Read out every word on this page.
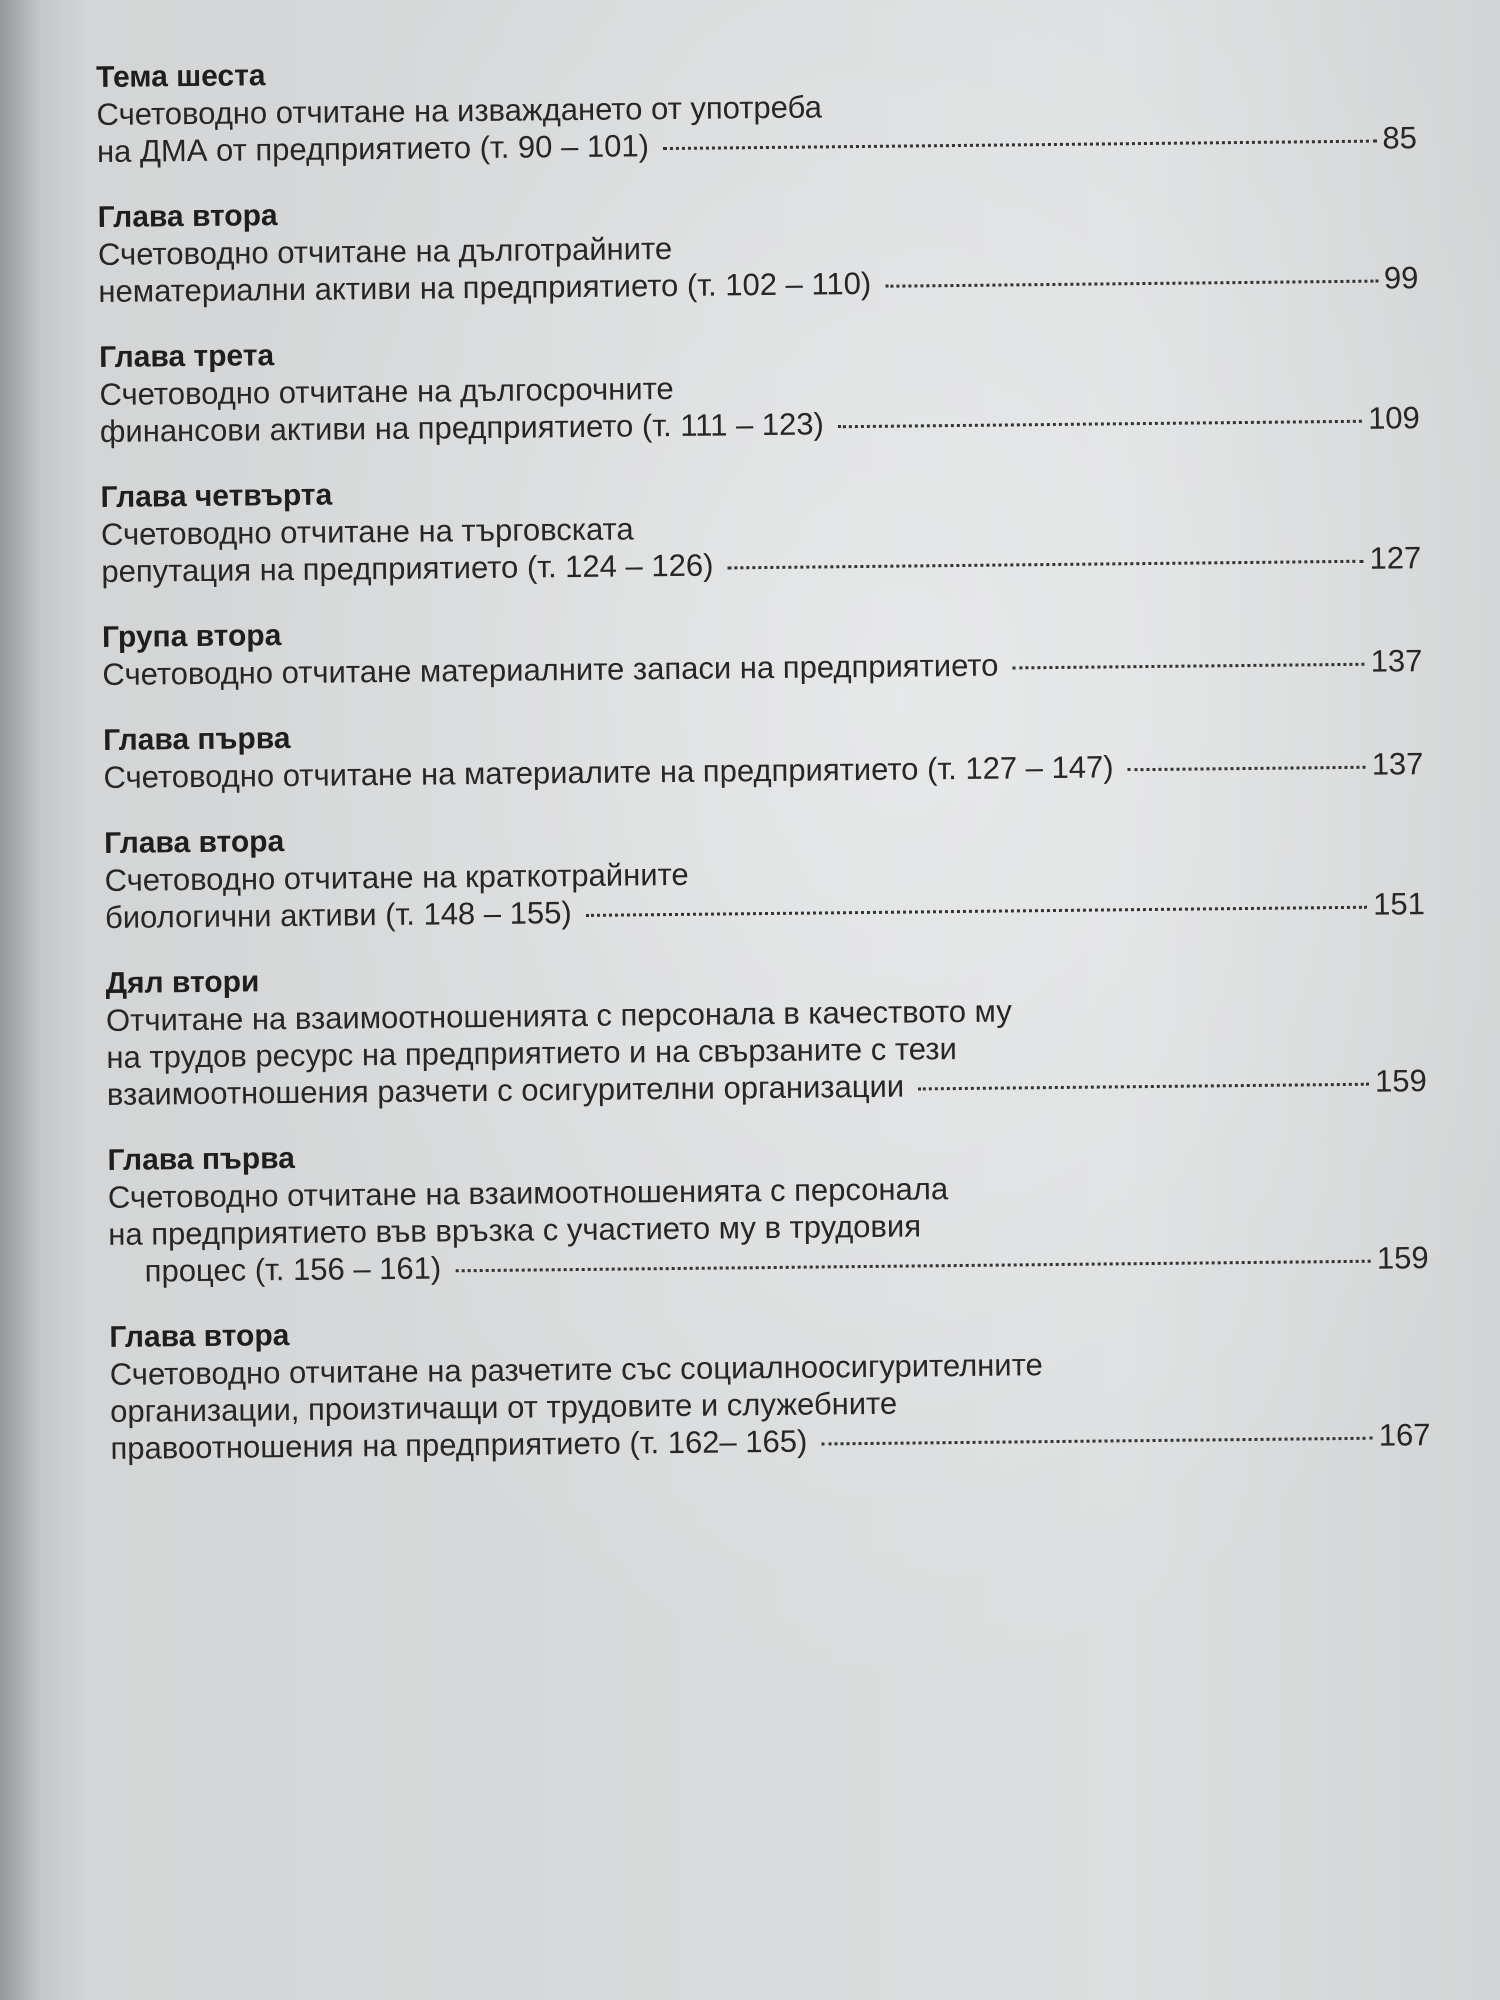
Тема шеста
Счетоводно отчитане на изваждането от употреба
на ДМА от предприятието (т. 90 – 101)	85
Глава втора
Счетоводно отчитане на дълготрайните
нематериални активи на предприятието (т. 102 – 110)	99
Глава трета
Счетоводно отчитане на дългосрочните
финансови активи на предприятието (т. 111 – 123)	109
Глава четвърта
Счетоводно отчитане на търговската
репутация на предприятието (т. 124 – 126)	127
Група втора
Счетоводно отчитане материалните запаси на предприятието	137
Глава първа
Счетоводно отчитане на материалите на предприятието (т. 127 – 147)	137
Глава втора
Счетоводно отчитане на краткотрайните
биологични активи (т. 148 – 155)	151
Дял втори
Отчитане на взаимоотношенията с персонала в качеството му
на трудов ресурс на предприятието и на свързаните с тези
взаимоотношения разчети с осигурителни организации	159
Глава първа
Счетоводно отчитане на взаимоотношенията с персонала
на предприятието във връзка с участието му в трудовия
процес (т. 156 – 161)	159
Глава втора
Счетоводно отчитане на разчетите със социалноосигурителните
организации, произтичащи от трудовите и служебните
правоотношения на предприятието (т. 162– 165)	167
